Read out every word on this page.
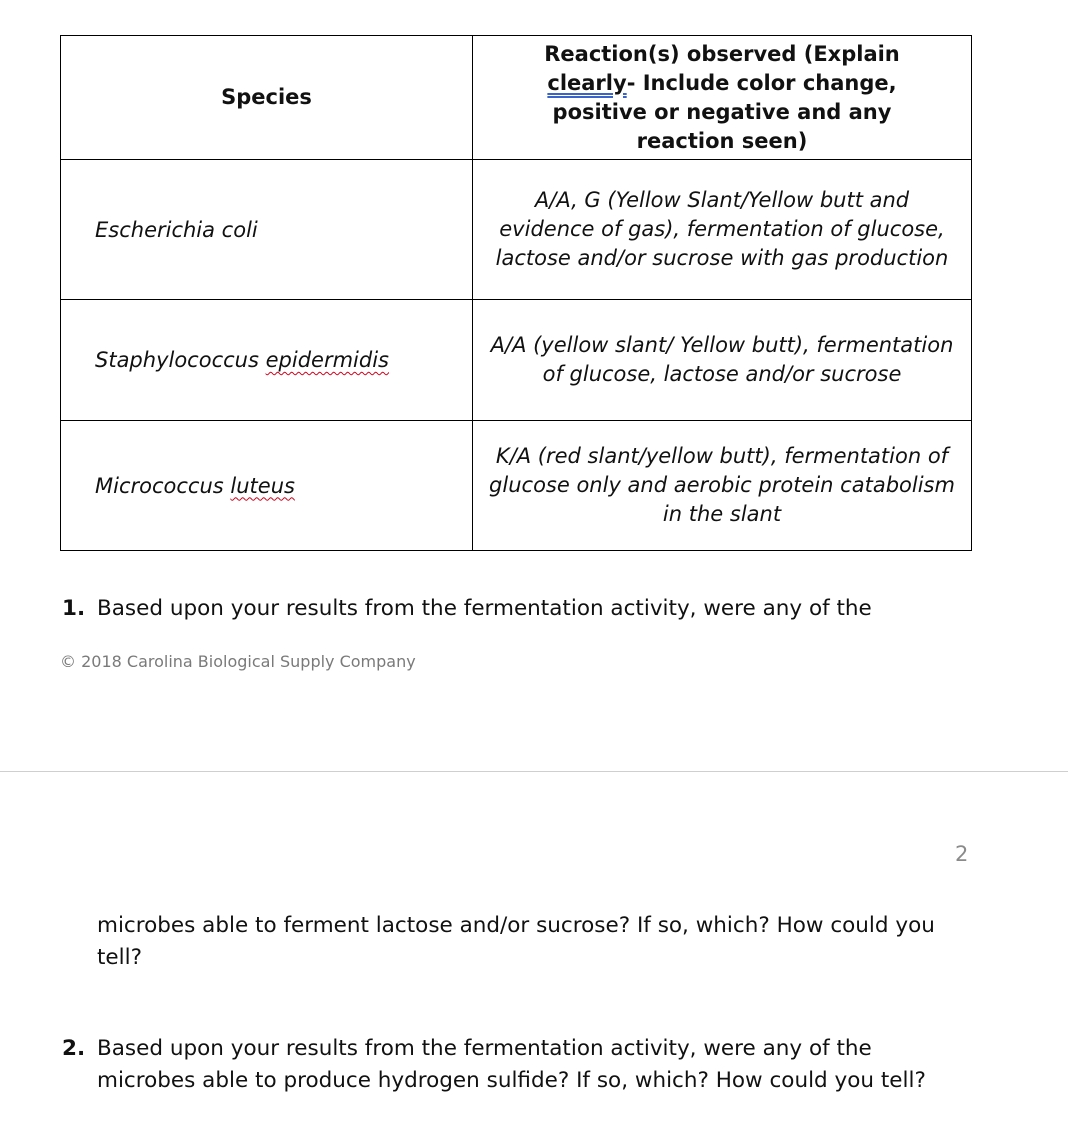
Species	Reaction(s) observed (Explain clearly- Include color change, positive or negative and any reaction seen)

Escherichia coli	A/A, G (Yellow Slant/Yellow butt and evidence of gas), fermentation of glucose, lactose and/or sucrose with gas production
Staphylococcus epidermidis	A/A (yellow slant/ Yellow butt), fermentation of glucose, lactose and/or sucrose
Micrococcus luteus	K/A (red slant/yellow butt), fermentation of glucose only and aerobic protein catabolism in the slant
1. Based upon your results from the fermentation activity, were any of the
© 2018 Carolina Biological Supply Company
2
microbes able to ferment lactose and/or sucrose? If so, which? How could you tell?
2. Based upon your results from the fermentation activity, were any of the microbes able to produce hydrogen sulfide? If so, which? How could you tell?
